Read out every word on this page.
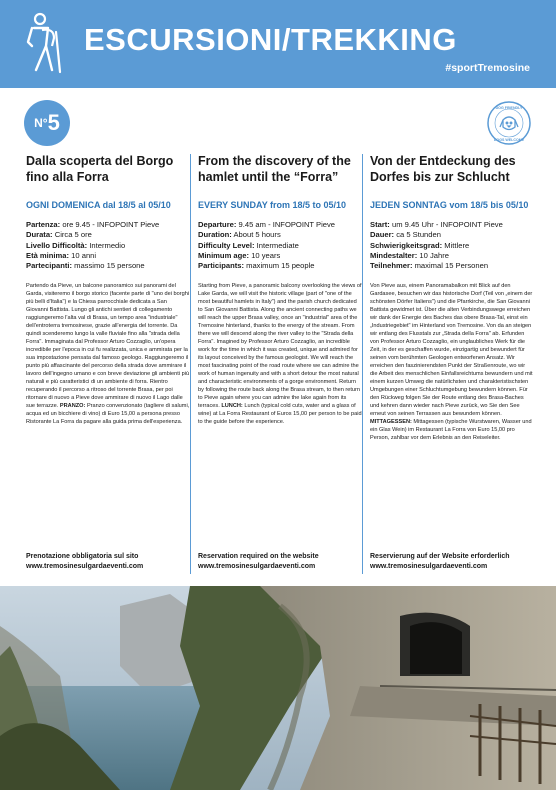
ESCURSIONI/TREKKING
#sportTremosine
$^{N^\circ}$5
DOG FRIENDLY
DOGS WELCOME
Dalla scoperta del Borgo fino alla Forra
OGNI DOMENICA dal 18/5 al 05/10
Partenza: ore 9.45 - INFOPOINT Pieve
Durata: Circa 5 ore
Livello Difficoltà: Intermedio
Età minima: 10 anni
Partecipanti: massimo 15 persone
Partendo da Pieve, un balcone panoramico sui panorami del Garda, visiteremo il borgo storico (facente parte di "uno dei borghi più belli d'Italia") e la Chiesa parrocchiale dedicata a San Giovanni Battista. Lungo gli antichi sentieri di collegamento raggiungeremo l'alta val di Brasa, un tempo area "industriale" dell'entroterra tremosinese, grazie all'energia del torrente. Da quindi scenderemo lungo la valle fluviale fino alla "strada della Forra". Immaginata dal Professor Arturo Cozzaglio, un'opera incredibile per l'epoca in cui fu realizzata, unica e ammirata per la sua impostazione pensata dal famoso geologo. Raggiungeremo il punto più affascinante del percorso della strada dove ammirare il lavoro dell'ingegno umano e con breve deviazione gli ambienti più naturali e più caratteristici di un ambiente di forra. Rientro recuperando il percorso a ritroso del torrente Brasa, per poi ritornare di nuovo a Pieve dove ammirare di nuovo il Lago dalle sue terrazze. PRANZO: Pranzo convenzionato (tagliere di salumi, acqua ed un bicchiere di vino) di Euro 15,00 a persona presso Ristorante La Forra da pagare alla guida prima dell'esperienza.
Prenotazione obbligatoria sul sito
www.tremosinesulgardaeventi.com
From the discovery of the hamlet until the “Forra”
EVERY SUNDAY from 18/5 to 05/10
Departure: 9.45 am - INFOPOINT Pieve
Duration: About 5 hours
Difficulty Level: Intermediate
Minimum age: 10 years
Participants: maximum 15 people
Starting from Pieve, a panoramic balcony overlooking the views of Lake Garda, we will visit the historic village (part of "one of the most beautiful hamlets in Italy") and the parish church dedicated to San Giovanni Battista. Along the ancient connecting paths we will reach the upper Brasa valley, once an "industrial" area of the Tremosine hinterland, thanks to the energy of the stream. From there we will descend along the river valley to the "Strada della Forra". Imagined by Professor Arturo Cozzaglio, an incredible work for the time in which it was created, unique and admired for its layout conceived by the famous geologist. We will reach the most fascinating point of the road route where we can admire the work of human ingenuity and with a short detour the most natural and characteristic environments of a gorge environment. Return by following the route back along the Brasa stream, to then return to Pieve again where you can admire the lake again from its terraces. LUNCH: Lunch (typical cold cuts, water and a glass of wine) at La Forra Restaurant of Euros 15,00 per person to be paid to the guide before the experience.
Reservation required on the website
www.tremosinesulgardaeventi.com
Von der Entdeckung des Dorfes bis zur Schlucht
JEDEN SONNTAG vom 18/5 bis 05/10
Start: um 9.45 Uhr - INFOPOINT Pieve
Dauer: ca 5 Stunden
Schwierigkeitsgrad: Mittlere
Mindestalter: 10 Jahre
Teilnehmer: maximal 15 Personen
Von Pieve aus, einem Panoramabalkon mit Blick auf den Gardasee, besuchen wir das historische Dorf (Teil von „einem der schönsten Dörfer Italiens") und die Pfarrkirche, die San Giovanni Battista gewidmet ist. Über die alten Verbindungswege erreichen wir dank der Energie des Baches das obere Brasa-Tal, einst ein „Industriegebiet" im Hinterland von Tremosine. Von da an steigen wir entlang des Flusstals zur „Strada della Forra" ab. Erfunden von Professor Arturo Cozzaglio, ein unglaubliches Werk für die Zeit, in der es geschaffen wurde, einzigartig und bewundert für seinen vom berühmten Geologen entworfenen Ansatz. Wir erreichen den faszinierendsten Punkt der Straßenroute, wo wir die Arbeit des menschlichen Einfallsreichtums bewundern und mit einem kurzen Umweg die natürlichsten und charakteristischsten Umgebungen einer Schluchtumgebung bewundern können. Für den Rückweg folgen Sie der Route entlang des Brasa-Baches und kehren dann wieder nach Pieve zurück, wo Sie den See erneut von seinen Terrassen aus bewundern können. MITTAGESSEN: Mittagessen (typische Wurstwaren, Wasser und ein Glas Wein) im Restaurant La Forra von Euro 15,00 pro Person, zahlbar vor dem Erlebnis an den Reiseleiter.
Reservierung auf der Website erforderlich
www.tremosinesulgardaeventi.com
